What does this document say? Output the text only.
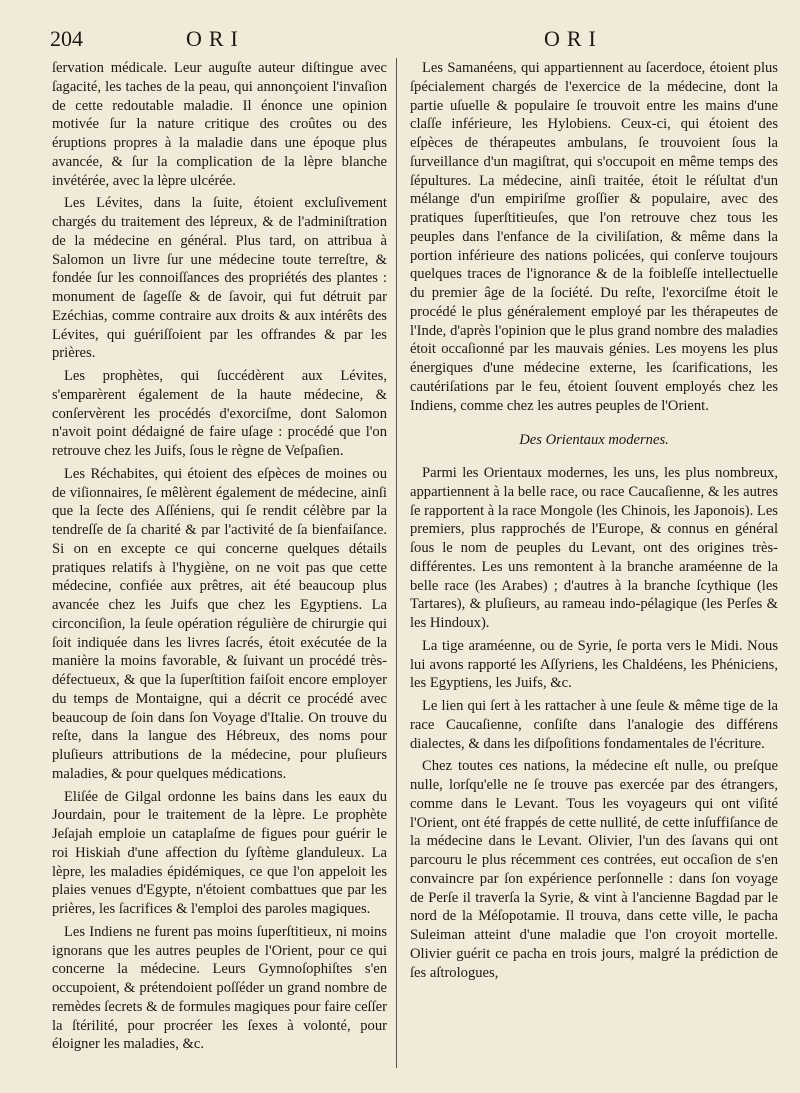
204	ORI	ORI

ſervation médicale. Leur auguſte auteur diſtingue avec ſagacité, les taches de la peau, qui annonçoient l'invaſion de cette redoutable maladie. Il énonce une opinion motivée ſur la nature critique des croûtes ou des éruptions propres à la maladie dans une époque plus avancée, & ſur la complication de la lèpre blanche invétérée, avec la lèpre ulcérée.

Les Lévites, dans la ſuite, étoient excluſivement chargés du traitement des lépreux, & de l'adminiſtration de la médecine en général. Plus tard, on attribua à Salomon un livre ſur une médecine toute terreſtre, & fondée ſur les connoiſſances des propriétés des plantes : monument de ſageſſe & de ſavoir, qui fut détruit par Ezéchias, comme contraire aux droits & aux intérêts des Lévites, qui guériſſoient par les offrandes & par les prières.

Les prophètes, qui ſuccédèrent aux Lévites, s'emparèrent également de la haute médecine, & conſervèrent les procédés d'exorciſme, dont Salomon n'avoit point dédaigné de faire uſage : procédé que l'on retrouve chez les Juifs, ſous le règne de Veſpaſien.

Les Réchabites, qui étoient des eſpèces de moines ou de viſionnaires, ſe mêlèrent également de médecine, ainſi que la ſecte des Aſſéniens, qui ſe rendit célèbre par la tendreſſe de ſa charité & par l'activité de ſa bienfaiſance. Si on en excepte ce qui concerne quelques détails pratiques relatifs à l'hygiène, on ne voit pas que cette médecine, confiée aux prêtres, ait été beaucoup plus avancée chez les Juifs que chez les Egyptiens. La circonciſion, la ſeule opération régulière de chirurgie qui ſoit indiquée dans les livres ſacrés, étoit exécutée de la manière la moins favorable, & ſuivant un procédé très-défectueux, & que la ſuperſtition faiſoit encore employer du temps de Montaigne, qui a décrit ce procédé avec beaucoup de ſoin dans ſon Voyage d'Italie. On trouve du reſte, dans la langue des Hébreux, des noms pour pluſieurs attributions de la médecine, pour pluſieurs maladies, & pour quelques médications.

Eliſée de Gilgal ordonne les bains dans les eaux du Jourdain, pour le traitement de la lèpre. Le prophète Jeſajah emploie un cataplaſme de figues pour guérir le roi Hiskiah d'une affection du ſyſtème glanduleux. La lèpre, les maladies épidémiques, ce que l'on appeloit les plaies venues d'Egypte, n'étoient combattues que par les prières, les ſacrifices & l'emploi des paroles magiques.

Les Indiens ne furent pas moins ſuperſtitieux, ni moins ignorans que les autres peuples de l'Orient, pour ce qui concerne la médecine. Leurs Gymnoſophiſtes s'en occupoient, & prétendoient poſſéder un grand nombre de remèdes ſecrets & de formules magiques pour faire ceſſer la ſtérilité, pour procréer les ſexes à volonté, pour éloigner les maladies, &c.

Les Samanéens, qui appartiennent au ſacerdoce, étoient plus ſpécialement chargés de l'exercice de la médecine, dont la partie uſuelle & populaire ſe trouvoit entre les mains d'une claſſe inférieure, les Hylobiens. Ceux-ci, qui étoient des eſpèces de thérapeutes ambulans, ſe trouvoient ſous la ſurveillance d'un magiſtrat, qui s'occupoit en même temps des ſépultures. La médecine, ainſi traitée, étoit le réſultat d'un mélange d'un empiriſme groſſier & populaire, avec des pratiques ſuperſtitieuſes, que l'on retrouve chez tous les peuples dans l'enfance de la civiliſation, & même dans la portion inférieure des nations policées, qui conſerve toujours quelques traces de l'ignorance & de la foibleſſe intellectuelle du premier âge de la ſociété. Du reſte, l'exorciſme étoit le procédé le plus généralement employé par les thérapeutes de l'Inde, d'après l'opinion que le plus grand nombre des maladies étoit occaſionné par les mauvais génies. Les moyens les plus énergiques d'une médecine externe, les ſcarifications, les cautériſations par le feu, étoient ſouvent employés chez les Indiens, comme chez les autres peuples de l'Orient.

Des Orientaux modernes.

Parmi les Orientaux modernes, les uns, les plus nombreux, appartiennent à la belle race, ou race Caucaſienne, & les autres ſe rapportent à la race Mongole (les Chinois, les Japonois). Les premiers, plus rapprochés de l'Europe, & connus en général ſous le nom de peuples du Levant, ont des origines très-différentes. Les uns remontent à la branche araméenne de la belle race (les Arabes) ; d'autres à la branche ſcythique (les Tartares), & pluſieurs, au rameau indo-pélagique (les Perſes & les Hindoux).

La tige araméenne, ou de Syrie, ſe porta vers le Midi. Nous lui avons rapporté les Aſſyriens, les Chaldéens, les Phéniciens, les Egyptiens, les Juifs, &c.

Le lien qui ſert à les rattacher à une ſeule & même tige de la race Caucaſienne, conſiſte dans l'analogie des différens dialectes, & dans les diſpoſitions fondamentales de l'écriture.

Chez toutes ces nations, la médecine eſt nulle, ou preſque nulle, lorſqu'elle ne ſe trouve pas exercée par des étrangers, comme dans le Levant. Tous les voyageurs qui ont viſité l'Orient, ont été frappés de cette nullité, de cette inſuffiſance de la médecine dans le Levant. Olivier, l'un des ſavans qui ont parcouru le plus récemment ces contrées, eut occaſion de s'en convaincre par ſon expérience perſonnelle : dans ſon voyage de Perſe il traverſa la Syrie, & vint à l'ancienne Bagdad par le nord de la Méſopotamie. Il trouva, dans cette ville, le pacha Suleiman atteint d'une maladie que l'on croyoit mortelle. Olivier guérit ce pacha en trois jours, malgré la prédiction de ſes aſtrologues,
